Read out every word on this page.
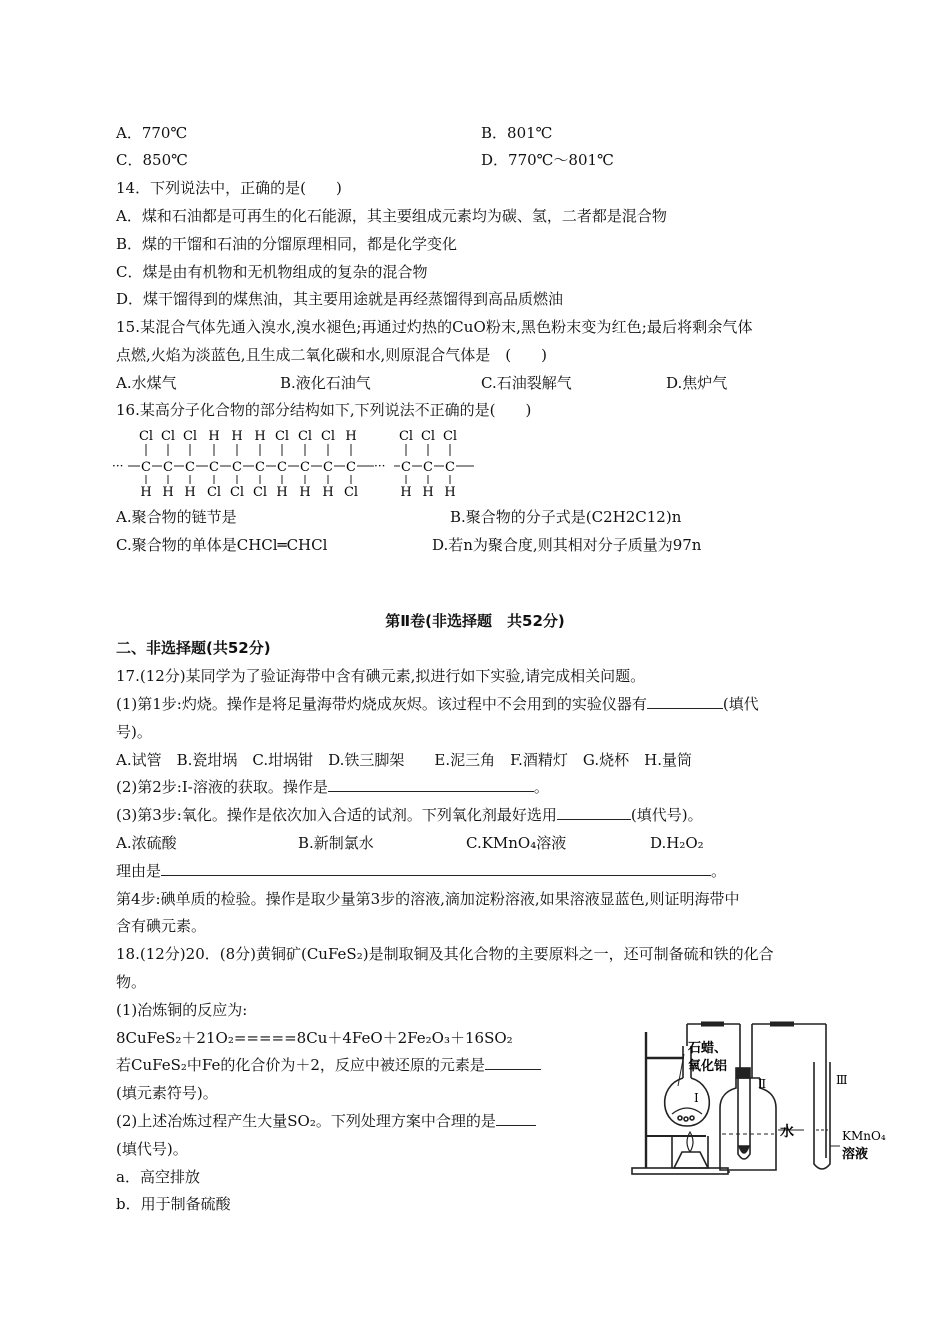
A．770℃	B．801℃
C．850℃	D．770℃～801℃
14．下列说法中，正确的是(　　)
A．煤和石油都是可再生的化石能源，其主要组成元素均为碳、氢，二者都是混合物
B．煤的干馏和石油的分馏原理相同，都是化学变化
C．煤是由有机物和无机物组成的复杂的混合物
D．煤干馏得到的煤焦油，其主要用途就是再经蒸馏得到高品质燃油
15.某混合气体先通入溴水,溴水褪色;再通过灼热的CuO粉末,黑色粉末变为红色;最后将剩余气体
点燃,火焰为淡蓝色,且生成二氧化碳和水,则原混合气体是　(　　)
A.水煤气	B.液化石油气	C.石油裂解气	D.焦炉气
16.某高分子化合物的部分结构如下,下列说法不正确的是(　　)
···
Cl
C
H
Cl
C
H
Cl
C
H
H
C
Cl
H
C
Cl
H
C
Cl
Cl
C
H
Cl
C
H
Cl
C
H
H
C
Cl
Cl
C
H
Cl
C
H
Cl
C
H
···
A.聚合物的链节是	B.聚合物的分子式是(C2H2C12)n
C.聚合物的单体是CHCl═CHCl	D.若n为聚合度,则其相对分子质量为97n
第Ⅱ卷(非选择题　共52分)
二、非选择题(共52分)
17.(12分)某同学为了验证海带中含有碘元素,拟进行如下实验,请完成相关问题。
(1)第1步:灼烧。操作是将足量海带灼烧成灰烬。该过程中不会用到的实验仪器有	(填代
号)。
A.试管　B.瓷坩埚　C.坩埚钳　D.铁三脚架　　E.泥三角　F.酒精灯　G.烧杯　H.量筒
(2)第2步:I-溶液的获取。操作是	。
(3)第3步:氧化。操作是依次加入合适的试剂。下列氧化剂最好选用	(填代号)。
A.浓硫酸	B.新制氯水	C.KMnO₄溶液	D.H₂O₂
理由是	。
第4步:碘单质的检验。操作是取少量第3步的溶液,滴加淀粉溶液,如果溶液显蓝色,则证明海带中
含有碘元素。
18.(12分)20．(8分)黄铜矿(CuFeS₂)是制取铜及其化合物的主要原料之一，还可制备硫和铁的化合
物。
(1)冶炼铜的反应为:
8CuFeS₂＋21O₂=====8Cu＋4FeO＋2Fe₂O₃＋16SO₂
若CuFeS₂中Fe的化合价为＋2，反应中被还原的元素是
(填元素符号)。
(2)上述冶炼过程产生大量SO₂。下列处理方案中合理的是
(填代号)。
a．高空排放
b．用于制备硫酸
石蜡、
氧化铝
Ⅰ
Ⅱ	Ⅲ
水	KMnO₄
溶液
